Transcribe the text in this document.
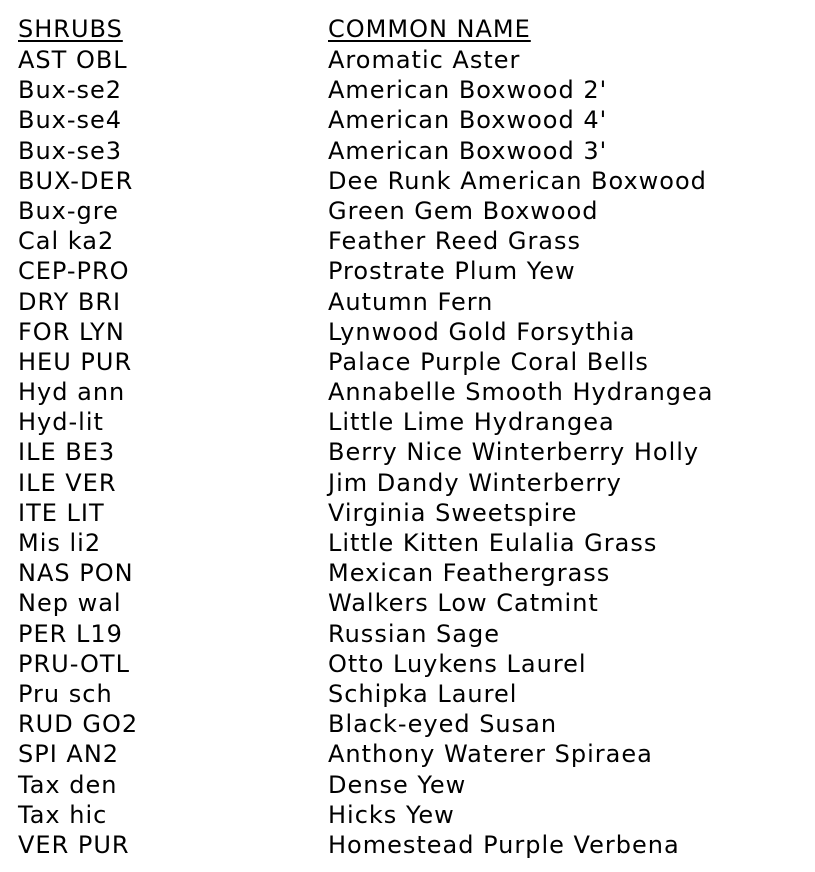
SHRUBS	COMMON NAME
AST OBL	Aromatic Aster
Bux-se2	American Boxwood 2'
Bux-se4	American Boxwood 4'
Bux-se3	American Boxwood 3'
BUX-DER	Dee Runk American Boxwood
Bux-gre	Green Gem Boxwood
Cal ka2	Feather Reed Grass
CEP-PRO	Prostrate Plum Yew
DRY BRI	Autumn Fern
FOR LYN	Lynwood Gold Forsythia
HEU PUR	Palace Purple Coral Bells
Hyd ann	Annabelle Smooth Hydrangea
Hyd-lit	Little Lime Hydrangea
ILE BE3	Berry Nice Winterberry Holly
ILE VER	Jim Dandy Winterberry
ITE LIT	Virginia Sweetspire
Mis li2	Little Kitten Eulalia Grass
NAS PON	Mexican Feathergrass
Nep wal	Walkers Low Catmint
PER L19	Russian Sage
PRU-OTL	Otto Luykens Laurel
Pru sch	Schipka Laurel
RUD GO2	Black-eyed Susan
SPI AN2	Anthony Waterer Spiraea
Tax den	Dense Yew
Tax hic	Hicks Yew
VER PUR	Homestead Purple Verbena
